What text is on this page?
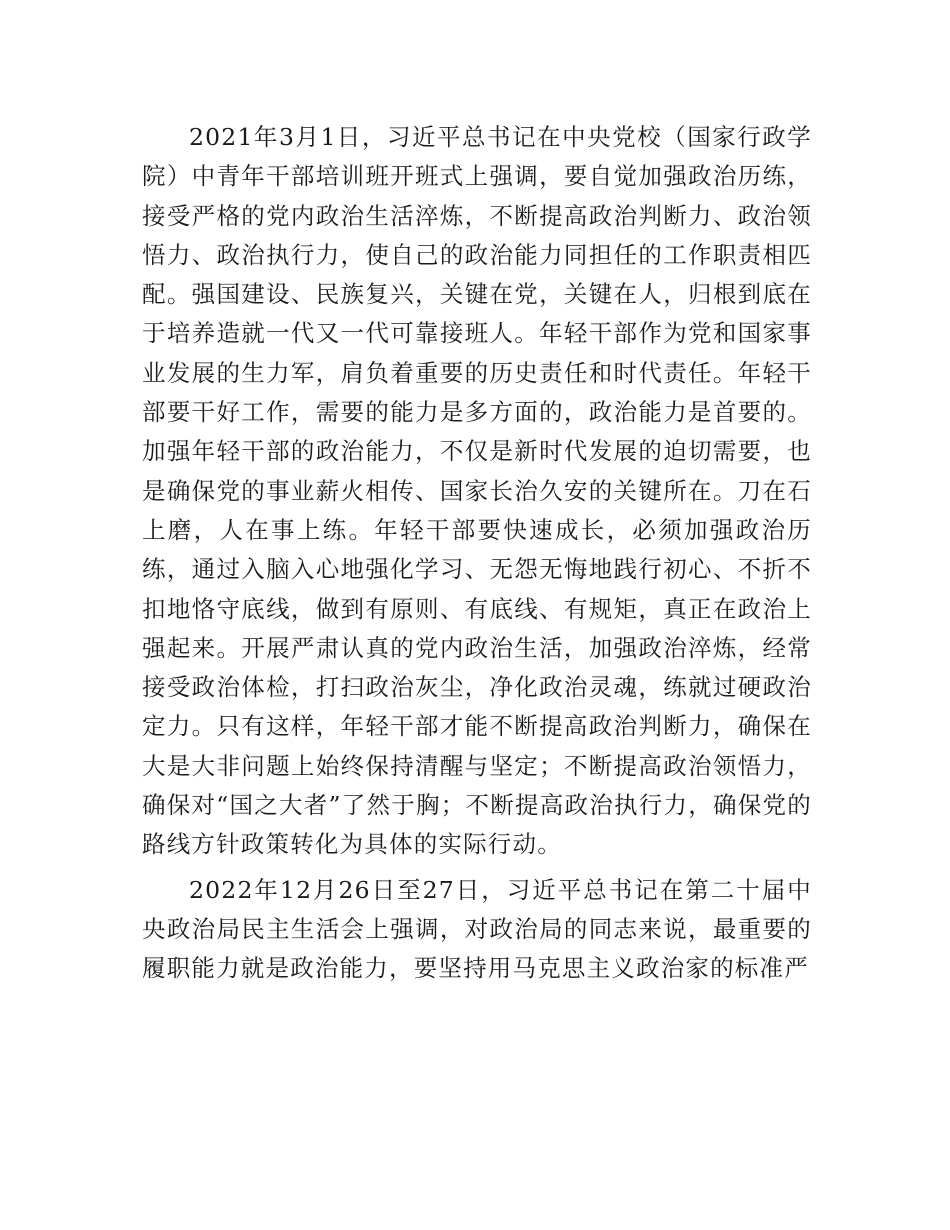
2021年3月1日，习近平总书记在中央党校（国家行政学院）中青年干部培训班开班式上强调，要自觉加强政治历练，接受严格的党内政治生活淬炼，不断提高政治判断力、政治领悟力、政治执行力，使自己的政治能力同担任的工作职责相匹配。强国建设、民族复兴，关键在党，关键在人，归根到底在于培养造就一代又一代可靠接班人。年轻干部作为党和国家事业发展的生力军，肩负着重要的历史责任和时代责任。年轻干部要干好工作，需要的能力是多方面的，政治能力是首要的。加强年轻干部的政治能力，不仅是新时代发展的迫切需要，也是确保党的事业薪火相传、国家长治久安的关键所在。刀在石上磨，人在事上练。年轻干部要快速成长，必须加强政治历练，通过入脑入心地强化学习、无怨无悔地践行初心、不折不扣地恪守底线，做到有原则、有底线、有规矩，真正在政治上强起来。开展严肃认真的党内政治生活，加强政治淬炼，经常接受政治体检，打扫政治灰尘，净化政治灵魂，练就过硬政治定力。只有这样，年轻干部才能不断提高政治判断力，确保在大是大非问题上始终保持清醒与坚定；不断提高政治领悟力，确保对“国之大者”了然于胸；不断提高政治执行力，确保党的路线方针政策转化为具体的实际行动。

2022年12月26日至27日，习近平总书记在第二十届中央政治局民主生活会上强调，对政治局的同志来说，最重要的履职能力就是政治能力，要坚持用马克思主义政治家的标准严
